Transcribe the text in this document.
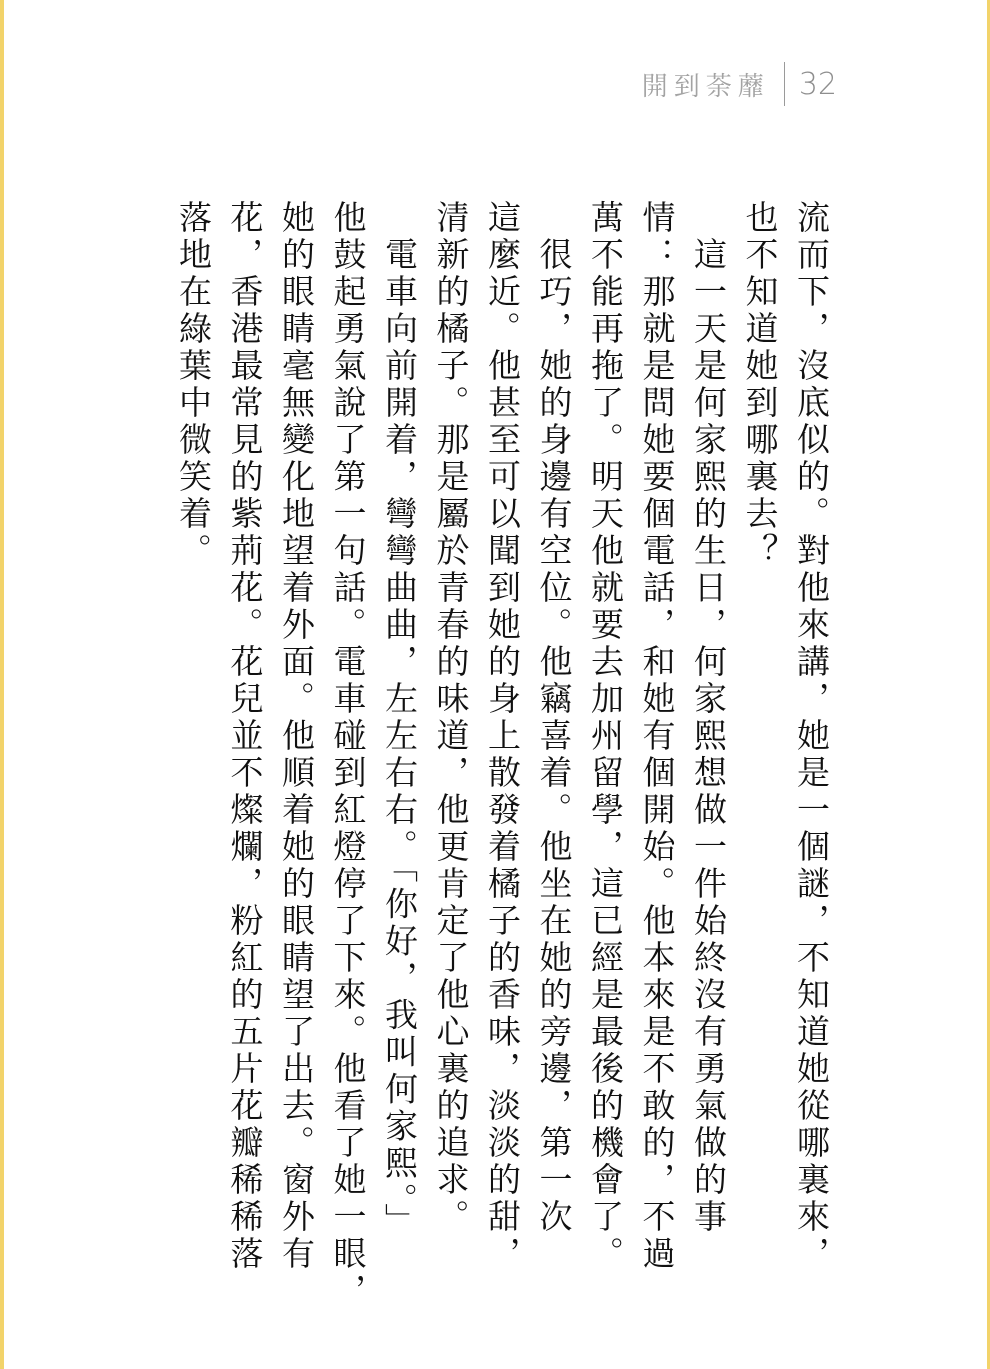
開到荼蘼 32
流而下，沒底似的。對他來講，她是一個謎，不知道她從哪裏來，
也不知道她到哪裏去？
　這一天是何家熙的生日，何家熙想做一件始終沒有勇氣做的事
情：那就是問她要個電話，和她有個開始。他本來是不敢的，不過
萬不能再拖了。明天他就要去加州留學，這已經是最後的機會了。
　很巧，她的身邊有空位。他竊喜着。他坐在她的旁邊，第一次
這麼近。他甚至可以聞到她的身上散發着橘子的香味，淡淡的甜，
清新的橘子。那是屬於青春的味道，他更肯定了他心裏的追求。
　電車向前開着，彎彎曲曲，左左右右。「你好，我叫何家熙。」
他鼓起勇氣說了第一句話。電車碰到紅燈停了下來。他看了她一眼，
她的眼睛毫無變化地望着外面。他順着她的眼睛望了出去。窗外有
花，香港最常見的紫荊花。花兒並不燦爛，粉紅的五片花瓣稀稀落
落地在綠葉中微笑着。
